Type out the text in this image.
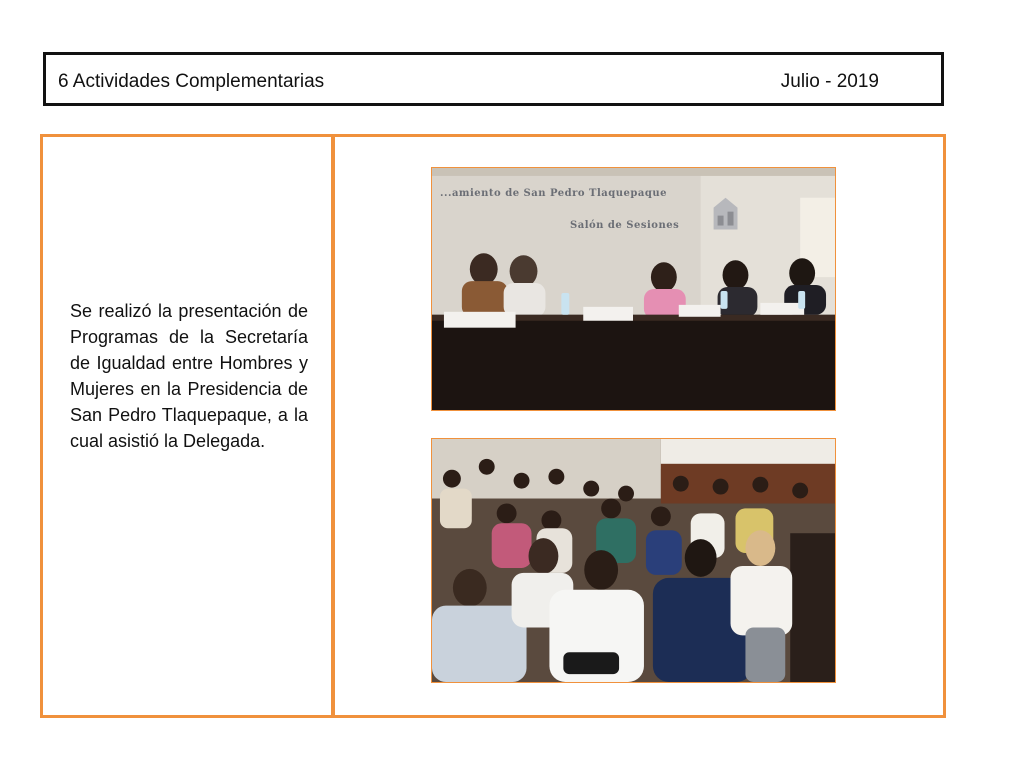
6 Actividades Complementarias	Julio - 2019
Se realizó la presentación de Programas de la Secretaría de Igualdad entre Hombres y Mujeres en la Presidencia de San Pedro Tlaquepaque, a la cual asistió la Delegada.
...amiento de San Pedro Tlaquepaque
Salón de Sesiones
